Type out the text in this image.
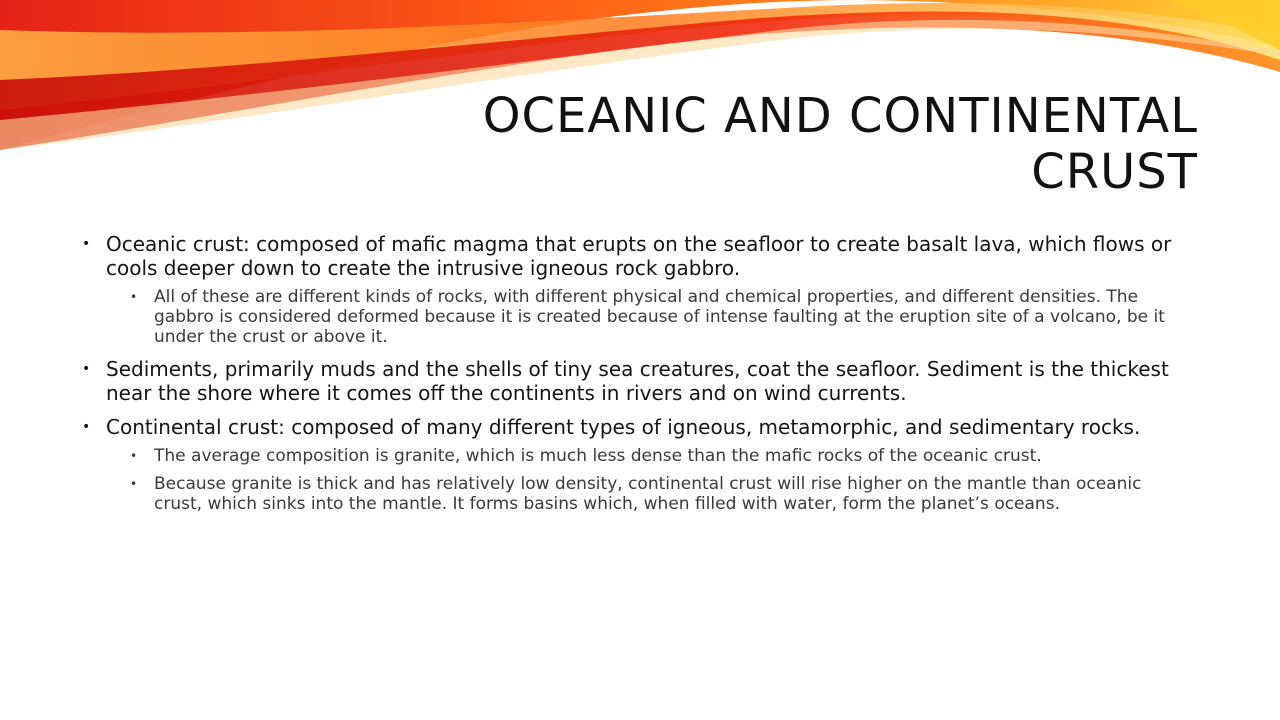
OCEANIC AND CONTINENTAL
CRUST
• Oceanic crust: composed of mafic magma that erupts on the seafloor to create basalt lava, which flows or cools deeper down to create the intrusive igneous rock gabbro.
• All of these are different kinds of rocks, with different physical and chemical properties, and different densities. The gabbro is considered deformed because it is created because of intense faulting at the eruption site of a volcano, be it under the crust or above it.
• Sediments, primarily muds and the shells of tiny sea creatures, coat the seafloor. Sediment is the thickest near the shore where it comes off the continents in rivers and on wind currents.
• Continental crust: composed of many different types of igneous, metamorphic, and sedimentary rocks.
• The average composition is granite, which is much less dense than the mafic rocks of the oceanic crust.
• Because granite is thick and has relatively low density, continental crust will rise higher on the mantle than oceanic crust, which sinks into the mantle. It forms basins which, when filled with water, form the planet’s oceans.
